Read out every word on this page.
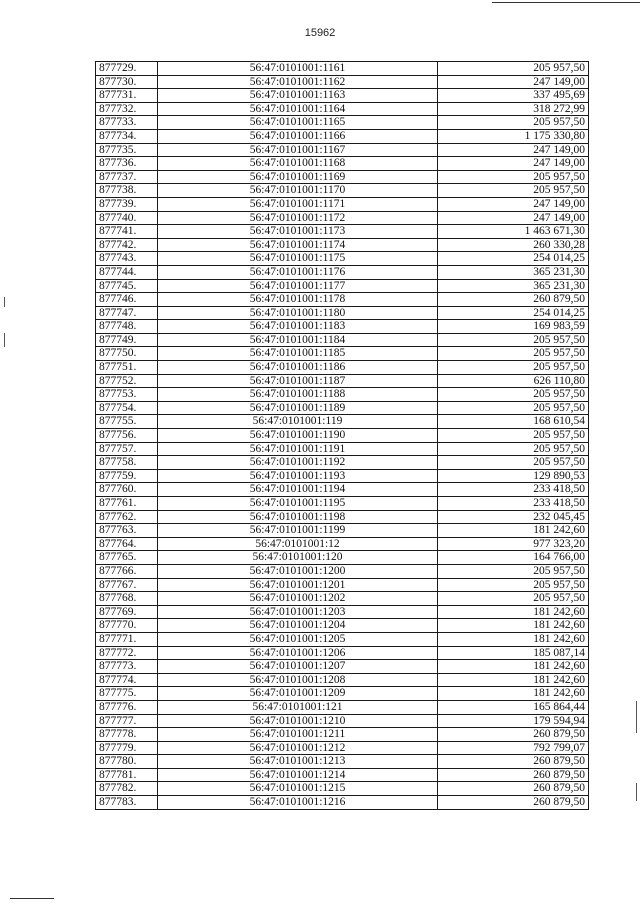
15962
877729.	56:47:0101001:1161	205 957,50
877730.	56:47:0101001:1162	247 149,00
877731.	56:47:0101001:1163	337 495,69
877732.	56:47:0101001:1164	318 272,99
877733.	56:47:0101001:1165	205 957,50
877734.	56:47:0101001:1166	1 175 330,80
877735.	56:47:0101001:1167	247 149,00
877736.	56:47:0101001:1168	247 149,00
877737.	56:47:0101001:1169	205 957,50
877738.	56:47:0101001:1170	205 957,50
877739.	56:47:0101001:1171	247 149,00
877740.	56:47:0101001:1172	247 149,00
877741.	56:47:0101001:1173	1 463 671,30
877742.	56:47:0101001:1174	260 330,28
877743.	56:47:0101001:1175	254 014,25
877744.	56:47:0101001:1176	365 231,30
877745.	56:47:0101001:1177	365 231,30
877746.	56:47:0101001:1178	260 879,50
877747.	56:47:0101001:1180	254 014,25
877748.	56:47:0101001:1183	169 983,59
877749.	56:47:0101001:1184	205 957,50
877750.	56:47:0101001:1185	205 957,50
877751.	56:47:0101001:1186	205 957,50
877752.	56:47:0101001:1187	626 110,80
877753.	56:47:0101001:1188	205 957,50
877754.	56:47:0101001:1189	205 957,50
877755.	56:47:0101001:119	168 610,54
877756.	56:47:0101001:1190	205 957,50
877757.	56:47:0101001:1191	205 957,50
877758.	56:47:0101001:1192	205 957,50
877759.	56:47:0101001:1193	129 890,53
877760.	56:47:0101001:1194	233 418,50
877761.	56:47:0101001:1195	233 418,50
877762.	56:47:0101001:1198	232 045,45
877763.	56:47:0101001:1199	181 242,60
877764.	56:47:0101001:12	977 323,20
877765.	56:47:0101001:120	164 766,00
877766.	56:47:0101001:1200	205 957,50
877767.	56:47:0101001:1201	205 957,50
877768.	56:47:0101001:1202	205 957,50
877769.	56:47:0101001:1203	181 242,60
877770.	56:47:0101001:1204	181 242,60
877771.	56:47:0101001:1205	181 242,60
877772.	56:47:0101001:1206	185 087,14
877773.	56:47:0101001:1207	181 242,60
877774.	56:47:0101001:1208	181 242,60
877775.	56:47:0101001:1209	181 242,60
877776.	56:47:0101001:121	165 864,44
877777.	56:47:0101001:1210	179 594,94
877778.	56:47:0101001:1211	260 879,50
877779.	56:47:0101001:1212	792 799,07
877780.	56:47:0101001:1213	260 879,50
877781.	56:47:0101001:1214	260 879,50
877782.	56:47:0101001:1215	260 879,50
877783.	56:47:0101001:1216	260 879,50
